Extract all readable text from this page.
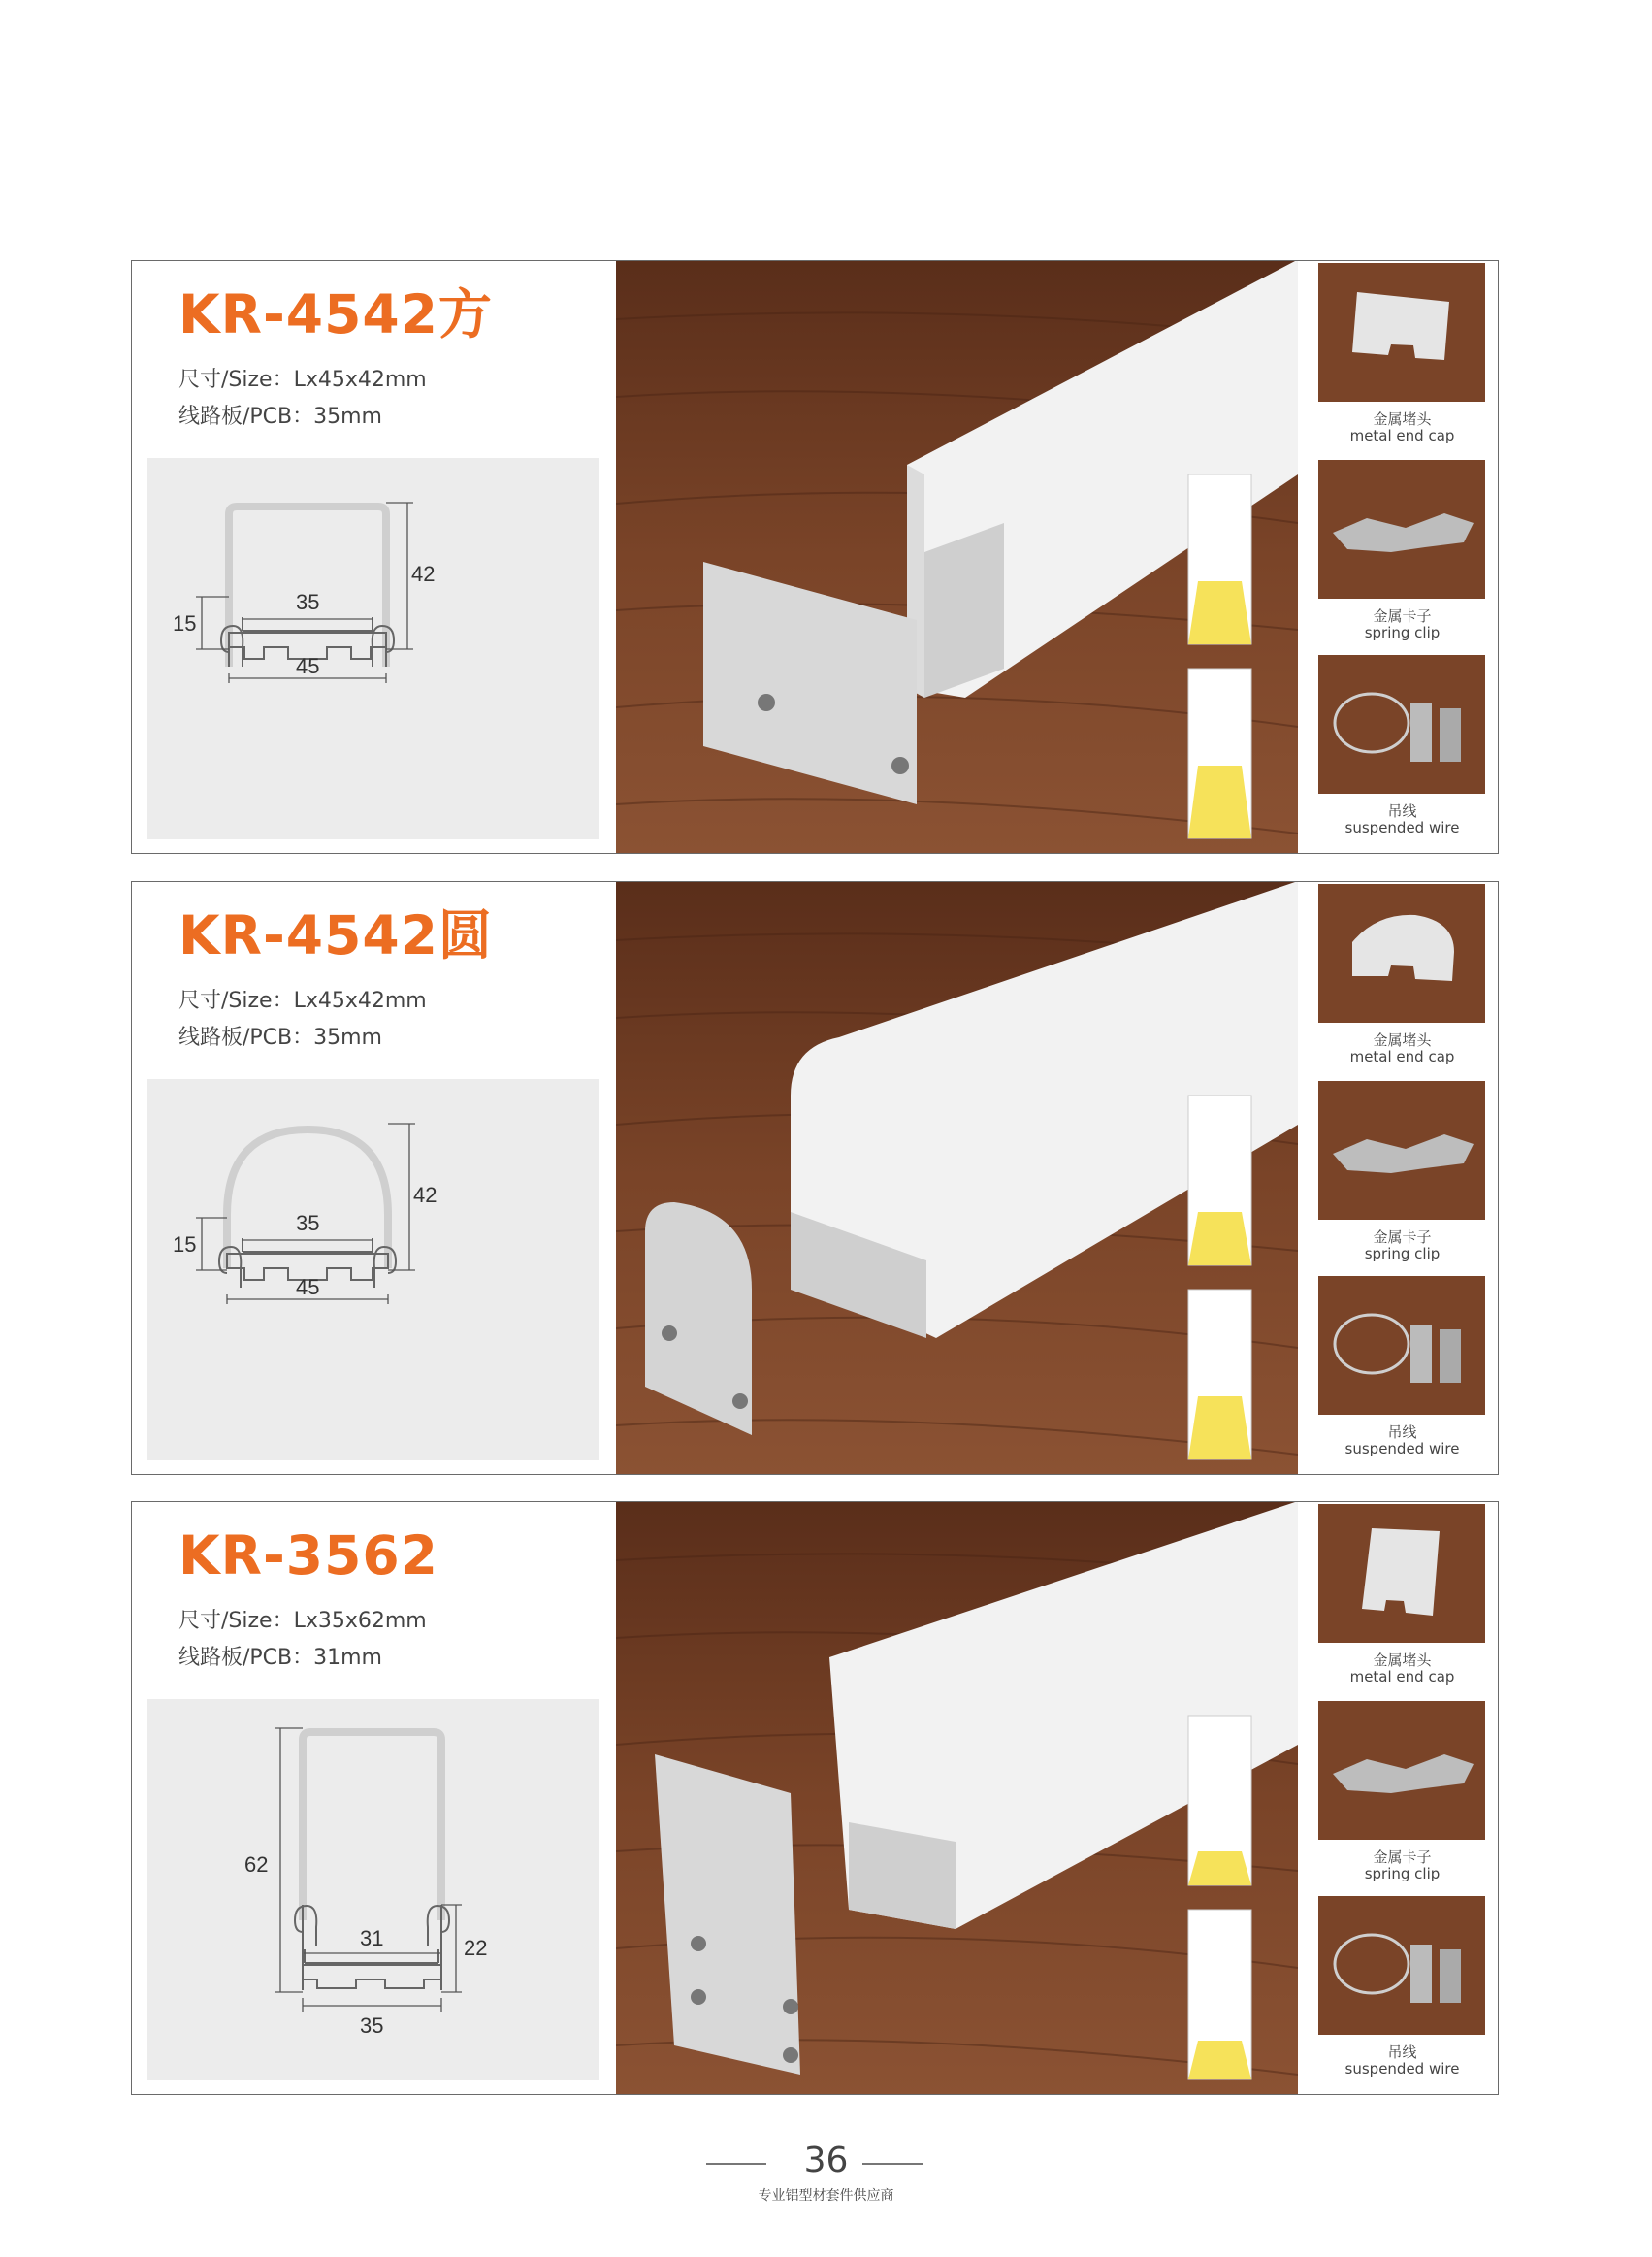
KR-4542方
尺寸/Size：Lx45x42mm
线路板/PCB：35mm
35
45
15
42
金属堵头
metal end cap
金属卡子
spring clip
吊线
suspended wire
KR-4542圆
尺寸/Size：Lx45x42mm
线路板/PCB：35mm
35
45
15
42
金属堵头
metal end cap
金属卡子
spring clip
吊线
suspended wire
KR-3562
尺寸/Size：Lx35x62mm
线路板/PCB：31mm
31
35
22
62
金属堵头
metal end cap
金属卡子
spring clip
吊线
suspended wire
36
专业铝型材套件供应商
